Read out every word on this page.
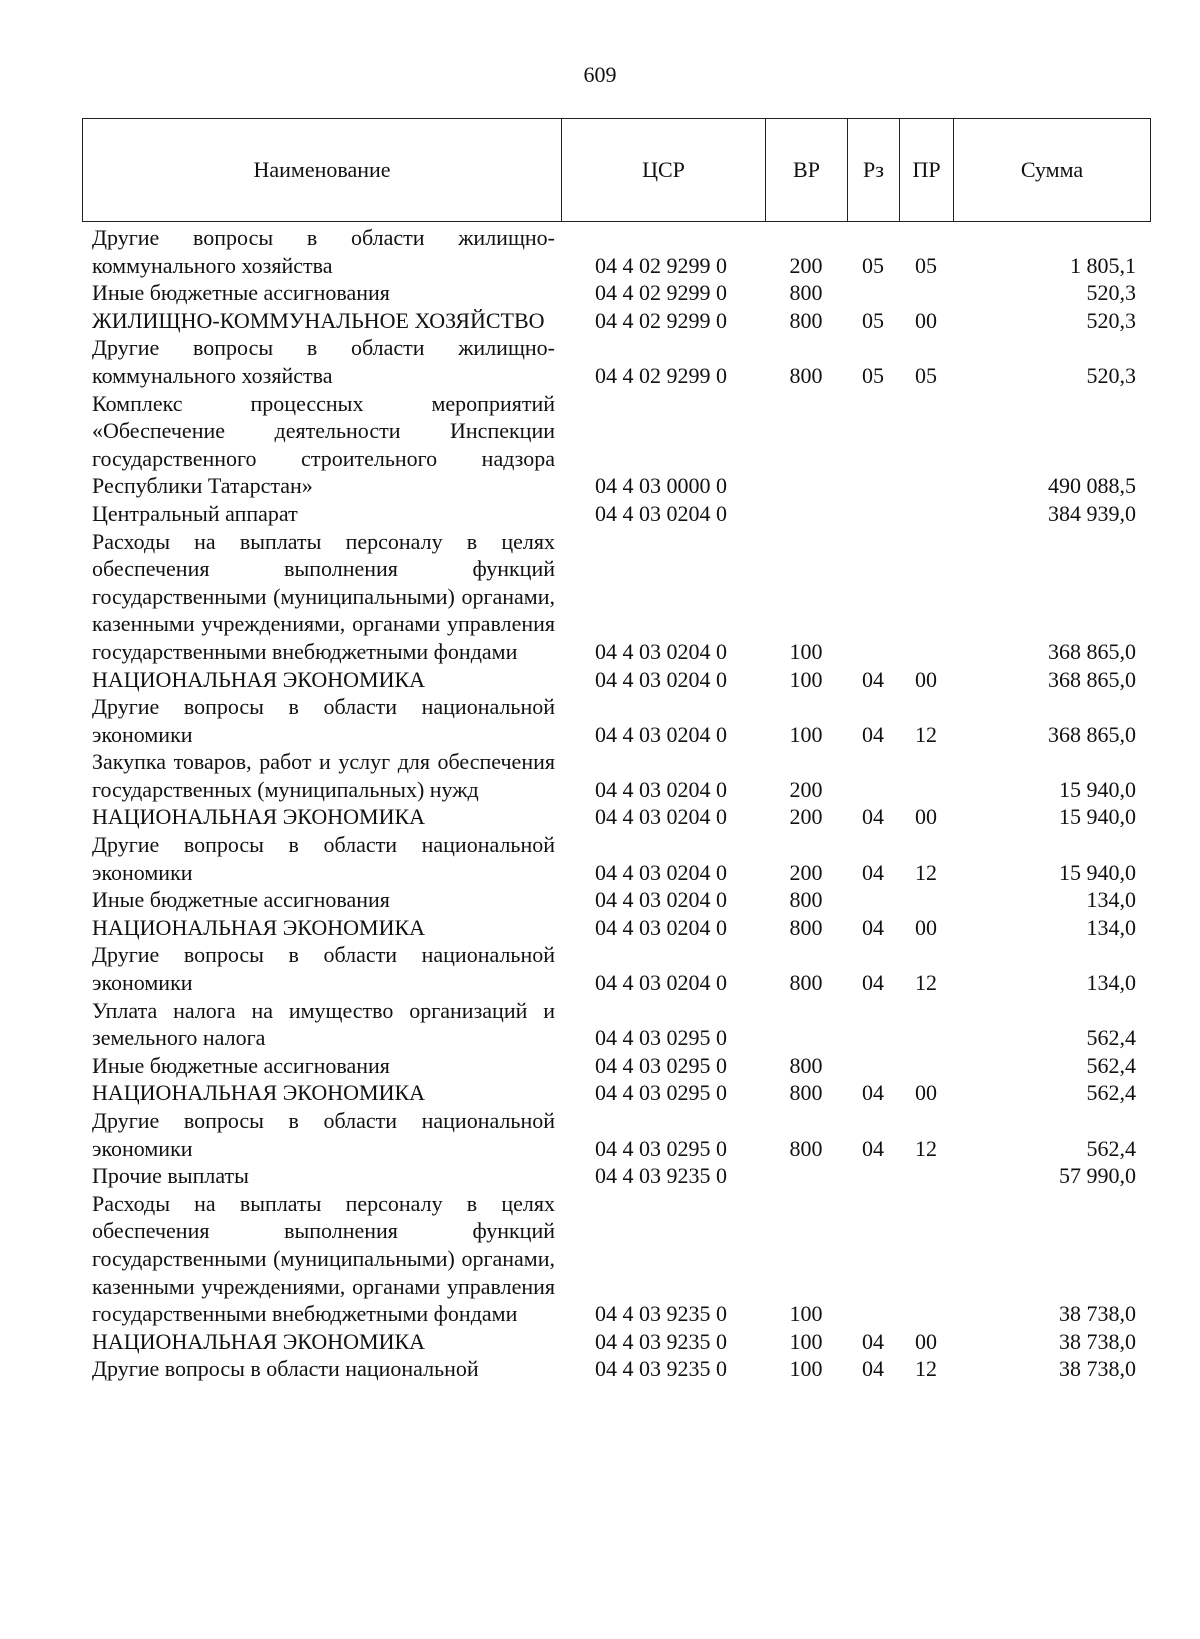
609
Наименование	ЦСР	ВР	Рз	ПР	Сумма
Другие вопросы в области жилищно-коммунального хозяйства	04 4 02 9299 0	200	05	05	1 805,1
Иные бюджетные ассигнования	04 4 02 9299 0	800			520,3
ЖИЛИЩНО-КОММУНАЛЬНОЕ ХОЗЯЙСТВО	04 4 02 9299 0	800	05	00	520,3
Другие вопросы в области жилищно-коммунального хозяйства	04 4 02 9299 0	800	05	05	520,3
Комплекс процессных мероприятий «Обеспечение деятельности Инспекции государственного строительного надзора Республики Татарстан»	04 4 03 0000 0				490 088,5
Центральный аппарат	04 4 03 0204 0				384 939,0
Расходы на выплаты персоналу в целях обеспечения выполнения функций государственными (муниципальными) органами, казенными учреждениями, органами управления государственными внебюджетными фондами	04 4 03 0204 0	100			368 865,0
НАЦИОНАЛЬНАЯ ЭКОНОМИКА	04 4 03 0204 0	100	04	00	368 865,0
Другие вопросы в области национальной экономики	04 4 03 0204 0	100	04	12	368 865,0
Закупка товаров, работ и услуг для обеспечения государственных (муниципальных) нужд	04 4 03 0204 0	200			15 940,0
НАЦИОНАЛЬНАЯ ЭКОНОМИКА	04 4 03 0204 0	200	04	00	15 940,0
Другие вопросы в области национальной экономики	04 4 03 0204 0	200	04	12	15 940,0
Иные бюджетные ассигнования	04 4 03 0204 0	800			134,0
НАЦИОНАЛЬНАЯ ЭКОНОМИКА	04 4 03 0204 0	800	04	00	134,0
Другие вопросы в области национальной экономики	04 4 03 0204 0	800	04	12	134,0
Уплата налога на имущество организаций и земельного налога	04 4 03 0295 0				562,4
Иные бюджетные ассигнования	04 4 03 0295 0	800			562,4
НАЦИОНАЛЬНАЯ ЭКОНОМИКА	04 4 03 0295 0	800	04	00	562,4
Другие вопросы в области национальной экономики	04 4 03 0295 0	800	04	12	562,4
Прочие выплаты	04 4 03 9235 0				57 990,0
Расходы на выплаты персоналу в целях обеспечения выполнения функций государственными (муниципальными) органами, казенными учреждениями, органами управления государственными внебюджетными фондами	04 4 03 9235 0	100			38 738,0
НАЦИОНАЛЬНАЯ ЭКОНОМИКА	04 4 03 9235 0	100	04	00	38 738,0
Другие вопросы в области национальной	04 4 03 9235 0	100	04	12	38 738,0
